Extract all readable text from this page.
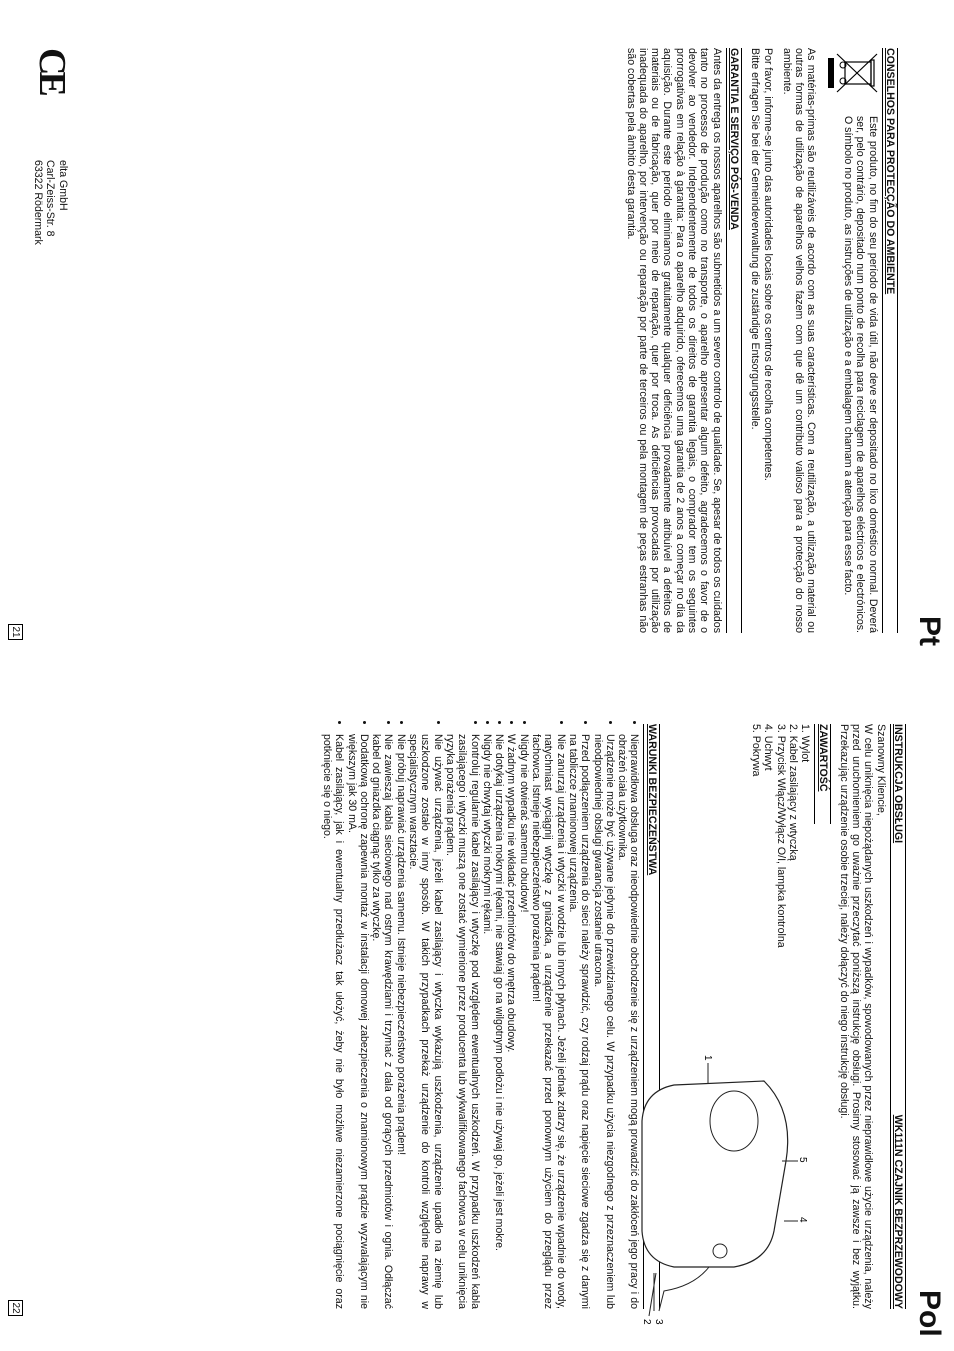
CONSELHOS PARA PROTECÇÃO DO AMBIENTE
Este produto, no fim do seu período de vida útil, não deve ser depositado no lixo doméstico normal. Deverá ser, pelo contrário, depositado num ponto de recolha para reciclagem de aparelhos eléctricos e electrónicos. O símbolo no produto, as instruções de utilização e a embalagem chamam a atenção para esse facto.

As matérias-primas são reutilizáveis de acordo com as suas características. Com a reutilização, a utilização material ou outras formas de utilização de aparelhos velhos fazem com que dê um contributo valioso para a protecção do nosso ambiente.

Por favor, informe-se junto das autoridades locais sobre os centros de recolha competentes.

Bitte erfragen Sie bei der Gemeindeverwaltung die zuständige Entsorgungsstelle.

GARANTIA E SERVIÇO PÓS-VENDA

Antes da entrega os nossos aparelhos são submetidos a um severo controlo de qualidade. Se, apesar de todos os cuidados tanto no processo de produção como no transporte, o aparelho apresentar algum defeito, agradecemos o favor de o devolver ao vendedor. Independentemente de todos os direitos de garantia legais, o comprador tem os seguintes prorrogativas em relação à garantia: Para o aparelho adquirido, oferecemos uma garantia de 2 anos a começar no dia da aquisição. Durante este período eliminamos gratuitamente qualquer deficiência provadamente atribuível a defeitos de materiais ou de fabricação, quer por meio de reparação, quer por troca. As deficiências provocadas por utilização inadequada do aparelho, por intervenção ou reparação por parte de terceiros ou pela montagem de peças estranhas não são cobertas pela âmbito desta garantia.

CE
elta GmbH
Carl-Zeiss-Str. 8
63322 Rödermark
21
INSTRUKCJA OBSŁUGI
WK111N CZAJNIK BEZPRZEWODOWY
Szanowny Kliencie,

W celu uniknięcia niepożądanych uszkodzeń i wypadków, spowodowanych przez nieprawidłowe użycie urządzenia, należy przed uruchomieniem go uważnie przeczytać poniższą instrukcję obsługi. Prosimy stosować ją zawsze i bez wyjątku. Przekazując urządzenie osobie trzeciej, należy dołączyć do niego instrukcję obsługi.

ZAWARTOŚĆ
1. Wylot
2. Kabel zasilający z wtyczką
3. Przycisk Włącz/Wyłącz O/I, lampka kontrolna
4. Uchwyt
5. Pokrywa
WARUNKI BEZPIECZEŃSTWA
• Nieprawidłowa obsługa oraz nieodpowiednie obchodzenie się z urządzeniem mogą prowadzić do zakłóceń jego pracy i do obrażeń ciała użytkownika.
• Urządzenie może być używane jedynie do przewidzianego celu. W przypadku użycia niezgodnego z przeznaczeniem lub nieodpowiedniej obsługi gwarancja zostanie utracona.
• Przed podłączeniem urządzenia do sieci należy sprawdzić, czy rodzaj prądu oraz napięcie sieciowe zgadza się z danymi na tabliczce znamionowej urządzenia.
• Nie zanurzaj urządzenia i wtyczki w wodzie lub innych płynach. Jeżeli jednak zdarzy się, że urządzenie wpadnie do wody, natychmiast wyciągnij wtyczkę z gniazdka, a urządzenie przekazać przed ponownym użyciem do przeglądu przez fachowca. Istnieje niebezpieczeństwo porażenia prądem!
• Nigdy nie otwierać samemu obudowy!
• W żadnym wypadku nie wkładać przedmiotów do wnętrza obudowy.
• Nie dotykaj urządzenia mokrymi rękami, nie stawiaj go na wilgotnym podłożu i nie używaj go, jeżeli jest mokre.
• Nigdy nie chwytaj wtyczki mokrymi rękami.
• Kontroluj regularnie kabel zasilający i wtyczkę pod względem ewentualnych uszkodzeń. W przypadku uszkodzeń kabla zasilającego i wtyczki muszą one zostać wymienione przez producenta lub wykwalifikowanego fachowca w celu uniknięcia ryzyka porażenia prądem.
• Nie używać urządzenia, jeżeli kabel zasilający i wtyczka wykazują uszkodzenia, urządzenie upadło na ziemię lub uszkodzone zostało w inny sposób. W takich przypadkach przekaż urządzenie do kontroli względnie naprawy w specjalistycznym warsztacie.
• Nie próbuj naprawiać urządzenia samemu. Istnieje niebezpieczeństwo porażenia prądem!
• Nie zawieszaj kabla sieciowego nad ostrym krawędziami i trzymać z dala od gorących przedmiotów i ognia. Odłączać kabel od gniazdka ciągnąc tylko za wtyczkę.
• Dodatkową ochronę zapewnia montaż w instalacji domowej zabezpieczenia o znamionowym prądzie wyzwalającym nie większym jak 30 mA.
• Kabel zasilający, jak i ewentualny przedłużacz tak ułożyć, żeby nie było możliwe niezamierzone pociągnięcie oraz potknięcie się o niego.
1
2 3
4
5
22	Pol
Pt
